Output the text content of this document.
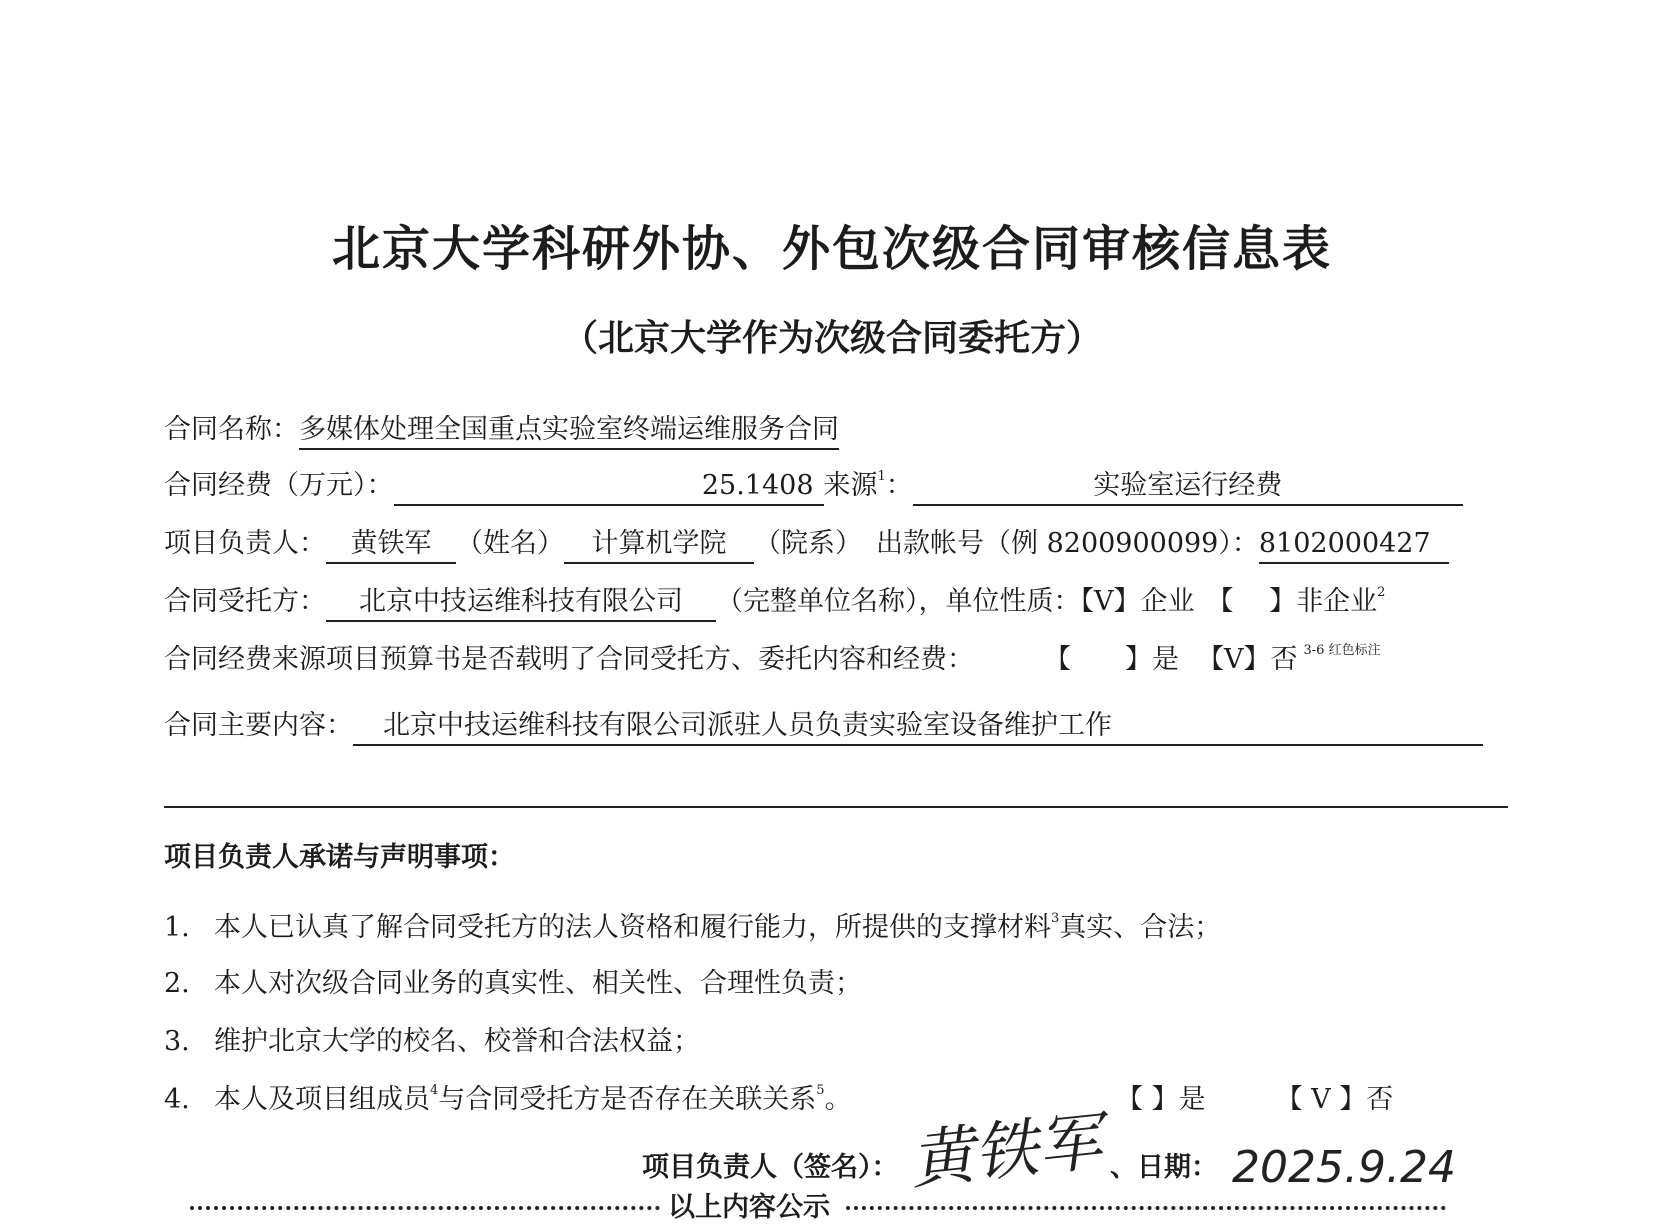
北京大学科研外协、外包次级合同审核信息表
（北京大学作为次级合同委托方）
合同名称：多媒体处理全国重点实验室终端运维服务合同
合同经费（万元）：	25.1408 来源$^1$：	实验室运行经费
项目负责人： 黄铁军 （姓名） 计算机学院 （院系） 出款帐号（例 8200900099）：8102000427
合同受托方： 北京中技运维科技有限公司 （完整单位名称），单位性质：【V】企业 【　 】非企业$^2$
合同经费来源项目预算书是否载明了合同受托方、委托内容和经费：	【　　】是 【V】否 $^{3-6 红色标注}$
合同主要内容： 北京中技运维科技有限公司派驻人员负责实验室设备维护工作
项目负责人承诺与声明事项：
1. 本人已认真了解合同受托方的法人资格和履行能力，所提供的支撑材料$^3$真实、合法；
2. 本人对次级合同业务的真实性、相关性、合理性负责；
3. 维护北京大学的校名、校誉和合法权益；
4. 本人及项目组成员$^4$与合同受托方是否存在关联关系$^5$。	【 】是	【 V 】否
项目负责人（签名）： 黄铁军 、日期： 2025.9.24
以上内容公示
